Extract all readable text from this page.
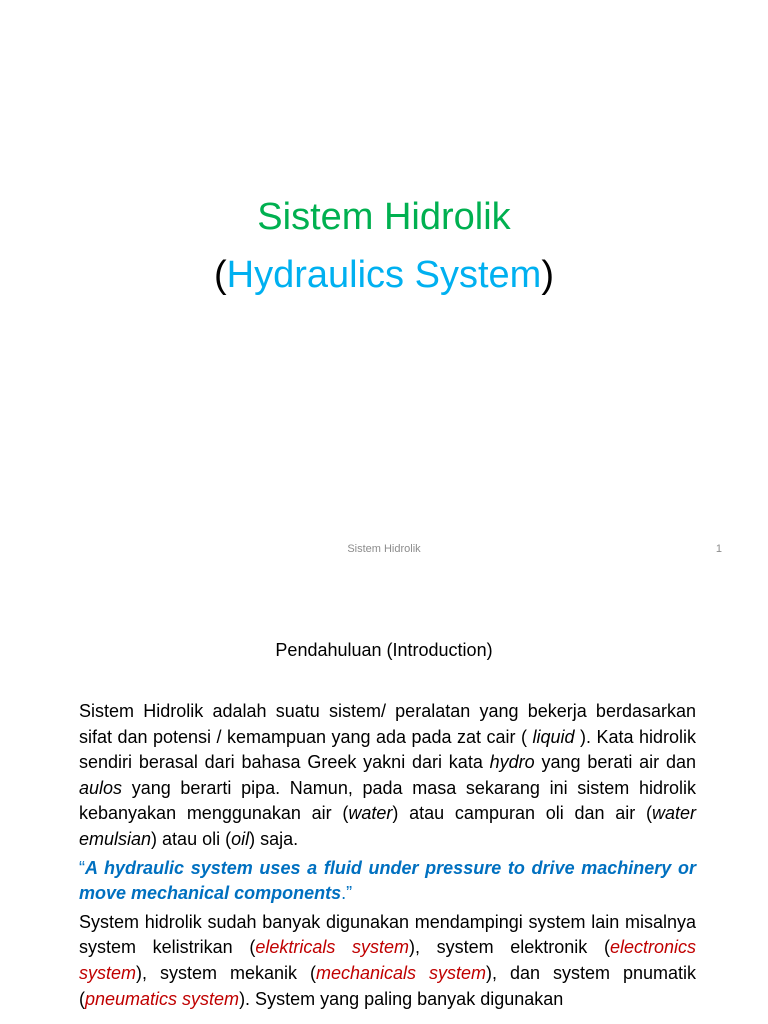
Sistem Hidrolik
(Hydraulics System)
Sistem Hidrolik	1
Pendahuluan (Introduction)

Sistem Hidrolik adalah suatu sistem/ peralatan yang bekerja berdasarkan sifat dan potensi / kemampuan yang ada pada zat cair ( liquid ). Kata hidrolik sendiri berasal dari bahasa Greek yakni dari kata hydro yang berati air dan aulos yang berarti pipa. Namun, pada masa sekarang ini sistem hidrolik kebanyakan menggunakan air (water) atau campuran oli dan air (water emulsian) atau oli (oil) saja.

“A hydraulic system uses a fluid under pressure to drive machinery or move mechanical components.”

System hidrolik sudah banyak digunakan mendampingi system lain misalnya system kelistrikan (elektricals system), system elektronik (electronics system), system mekanik (mechanicals system), dan system pnumatik (pneumatics system). System yang paling banyak digunakan
